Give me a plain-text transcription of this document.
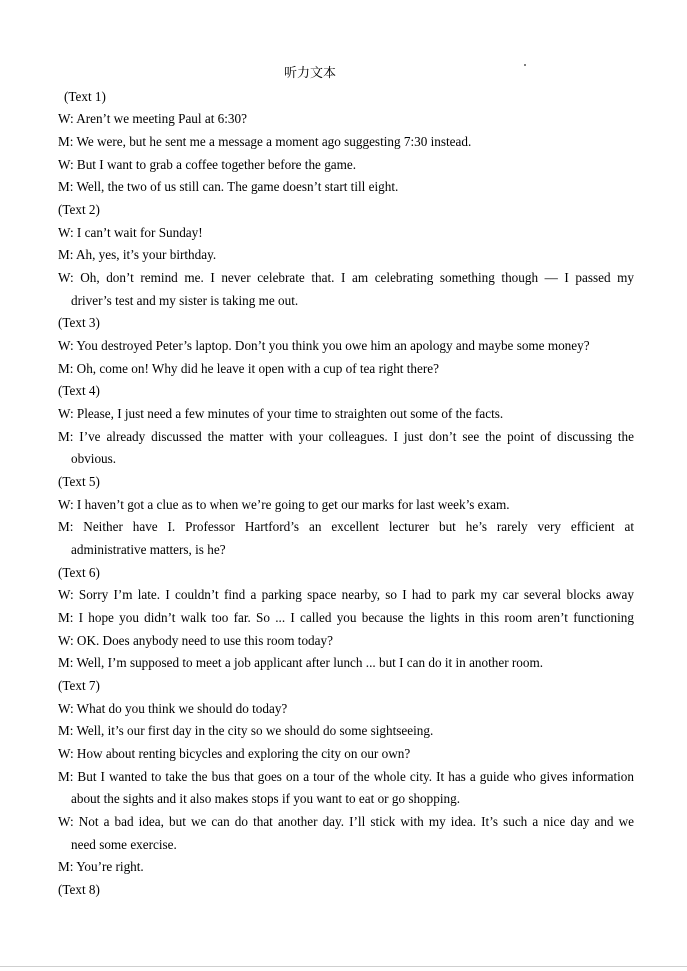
听力文本
(Text 1)
W: Aren’t we meeting Paul at 6:30?
M: We were, but he sent me a message a moment ago suggesting 7:30 instead.
W: But I want to grab a coffee together before the game.
M: Well, the two of us still can. The game doesn’t start till eight.
(Text 2)
W: I can’t wait for Sunday!
M: Ah, yes, it’s your birthday.
W: Oh, don’t remind me. I never celebrate that. I am celebrating something though — I passed my
driver’s test and my sister is taking me out.
(Text 3)
W: You destroyed Peter’s laptop. Don’t you think you owe him an apology and maybe some money?
M: Oh, come on! Why did he leave it open with a cup of tea right there?
(Text 4)
W: Please, I just need a few minutes of your time to straighten out some of the facts.
M: I’ve already discussed the matter with your colleagues. I just don’t see the point of discussing the
obvious.
(Text 5)
W: I haven’t got a clue as to when we’re going to get our marks for last week’s exam.
M: Neither have I. Professor Hartford’s an excellent lecturer but he’s rarely very efficient at
administrative matters, is he?
(Text 6)
W: Sorry I’m late. I couldn’t find a parking space nearby, so I had to park my car several blocks away
M: I hope you didn’t walk too far. So ... I called you because the lights in this room aren’t functioning
W: OK. Does anybody need to use this room today?
M: Well, I’m supposed to meet a job applicant after lunch ... but I can do it in another room.
(Text 7)
W: What do you think we should do today?
M: Well, it’s our first day in the city so we should do some sightseeing.
W: How about renting bicycles and exploring the city on our own?
M: But I wanted to take the bus that goes on a tour of the whole city. It has a guide who gives information
about the sights and it also makes stops if you want to eat or go shopping.
W: Not a bad idea, but we can do that another day. I’ll stick with my idea. It’s such a nice day and we
need some exercise.
M: You’re right.
(Text 8)
